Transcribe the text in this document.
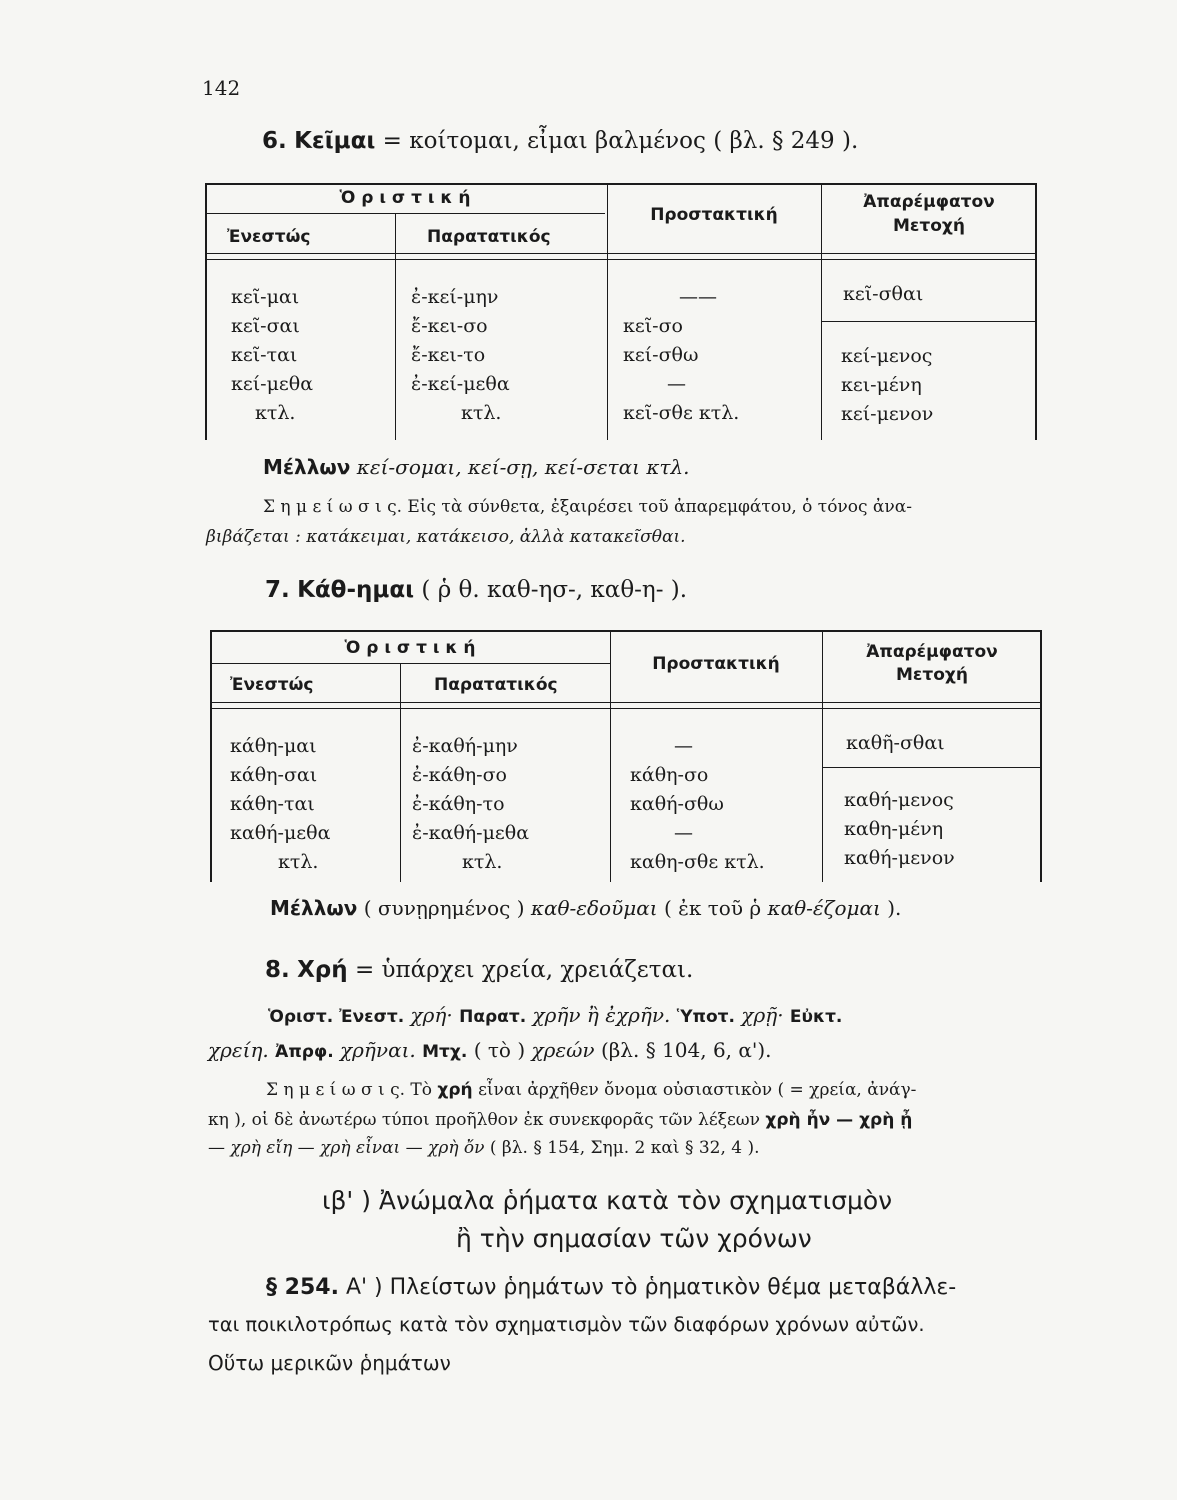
142
6. Κεῖμαι = κοίτομαι, εἶμαι βαλμένος ( βλ. § 249 ).
Ὁ ρ ι σ τ ι κ ή
Ἐνεστώς	Παρατατικός
Προστακτική
Ἀπαρέμφατον
Μετοχή
κεῖ-μαι
κεῖ-σαι
κεῖ-ται
κεί-μεθα
κτλ.
ἐ-κεί-μην
ἔ-κει-σο
ἔ-κει-το
ἐ-κεί-μεθα
κτλ.
——
κεῖ-σο
κεί-σθω
—
κεῖ-σθε κτλ.
κεῖ-σθαι
κεί-μενος
κει-μένη
κεί-μενον
Μέλλων κεί-σομαι, κεί-σῃ, κεί-σεται κτλ.
Σ η μ ε ί ω σ ι ς. Εἰς τὰ σύνθετα, ἐξαιρέσει τοῦ ἀπαρεμφάτου, ὁ τόνος ἀνα-
βιβάζεται : κατάκειμαι, κατάκεισο, ἀλλὰ κατακεῖσθαι.
7. Κάθ-ημαι ( ῥ θ. καθ-ησ-, καθ-η- ).
Ὁ ρ ι σ τ ι κ ή
Ἐνεστώς	Παρατατικός
Προστακτική
Ἀπαρέμφατον
Μετοχή
κάθη-μαι
κάθη-σαι
κάθη-ται
καθή-μεθα
κτλ.
ἐ-καθή-μην
ἐ-κάθη-σο
ἐ-κάθη-το
ἐ-καθή-μεθα
κτλ.
—
κάθη-σο
καθή-σθω
—
καθη-σθε κτλ.
καθῆ-σθαι
καθή-μενος
καθη-μένη
καθή-μενον
Μέλλων ( συνῃρημένος ) καθ-εδοῦμαι ( ἐκ τοῦ ῥ καθ-έζομαι ).
8. Χρή = ὑπάρχει χρεία, χρειάζεται.
Ὁριστ. Ἐνεστ. χρή· Παρατ. χρῆν ἢ ἐχρῆν. Ὑποτ. χρῇ· Εὐκτ.
χρείη. Ἀπρφ. χρῆναι. Μτχ. ( τὸ ) χρεών (βλ. § 104, 6, α').
Σ η μ ε ί ω σ ι ς. Τὸ χρή εἶναι ἀρχῆθεν ὄνομα οὐσιαστικὸν ( = χρεία, ἀνάγ-
κη ), οἱ δὲ ἀνωτέρω τύποι προῆλθον ἐκ συνεκφορᾶς τῶν λέξεων χρὴ ἦν — χρὴ ᾖ
— χρὴ εἴη — χρὴ εἶναι — χρὴ ὄν ( βλ. § 154, Σημ. 2 καὶ § 32, 4 ).
ιβ' ) Ἀνώμαλα ῥήματα κατὰ τὸν σχηματισμὸν
ἢ τὴν σημασίαν τῶν χρόνων
§ 254. Α' ) Πλείστων ῥημάτων τὸ ῥηματικὸν θέμα μεταβάλλε-
ται ποικιλοτρόπως κατὰ τὸν σχηματισμὸν τῶν διαφόρων χρόνων αὐτῶν.
Οὕτω μερικῶν ῥημάτων
